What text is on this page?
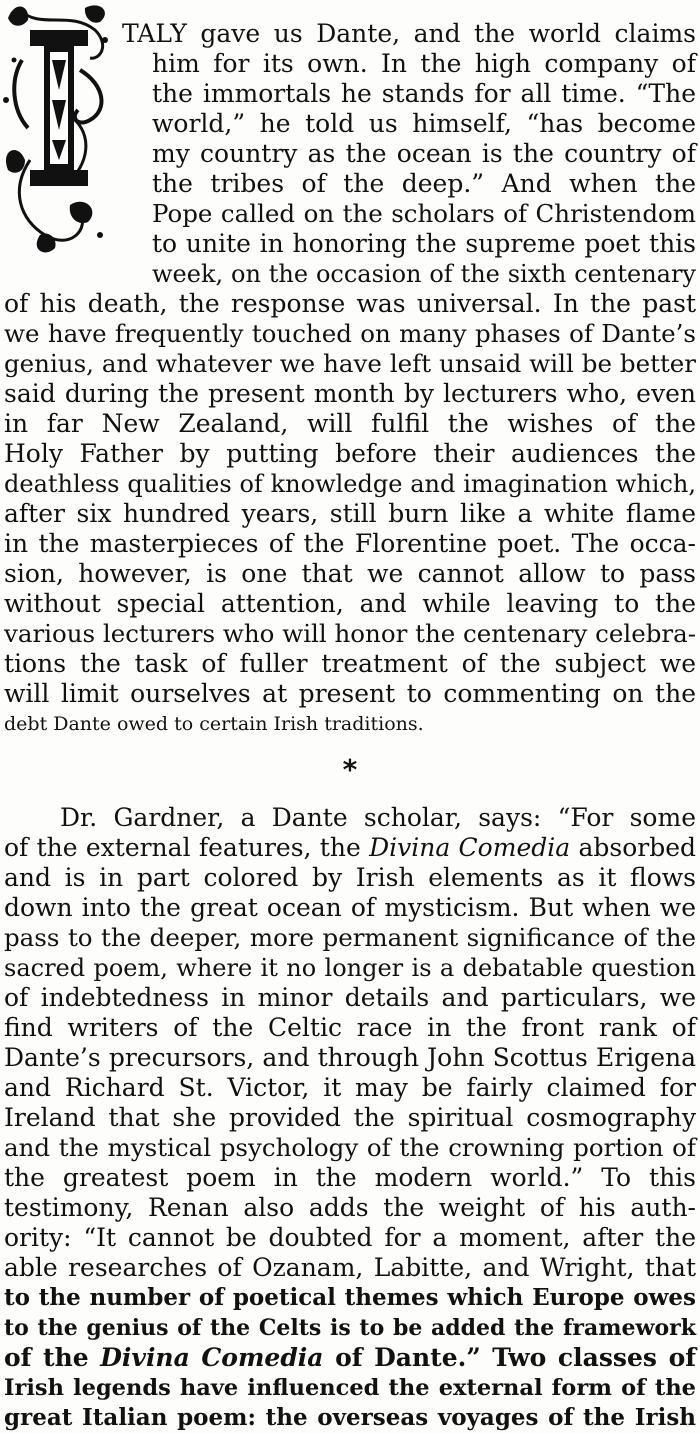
TALY gave us Dante, and the world claims
him for its own. In the high company of
the immortals he stands for all time. “The
world,” he told us himself, “has become
my country as the ocean is the country of
the tribes of the deep.” And when the
Pope called on the scholars of Christendom
to unite in honoring the supreme poet this
week, on the occasion of the sixth centenary
of his death, the response was universal. In the past
we have frequently touched on many phases of Dante’s
genius, and whatever we have left unsaid will be better
said during the present month by lecturers who, even
in far New Zealand, will fulfil the wishes of the
Holy Father by putting before their audiences the
deathless qualities of knowledge and imagination which,
after six hundred years, still burn like a white flame
in the masterpieces of the Florentine poet. The occa-
sion, however, is one that we cannot allow to pass
without special attention, and while leaving to the
various lecturers who will honor the centenary celebra-
tions the task of fuller treatment of the subject we
will limit ourselves at present to commenting on the
debt Dante owed to certain Irish traditions.
*
Dr. Gardner, a Dante scholar, says: “For some
of the external features, the Divina Comedia absorbed
and is in part colored by Irish elements as it flows
down into the great ocean of mysticism. But when we
pass to the deeper, more permanent significance of the
sacred poem, where it no longer is a debatable question
of indebtedness in minor details and particulars, we
find writers of the Celtic race in the front rank of
Dante’s precursors, and through John Scottus Erigena
and Richard St. Victor, it may be fairly claimed for
Ireland that she provided the spiritual cosmography
and the mystical psychology of the crowning portion of
the greatest poem in the modern world.” To this
testimony, Renan also adds the weight of his auth-
ority: “It cannot be doubted for a moment, after the
able researches of Ozanam, Labitte, and Wright, that
to the number of poetical themes which Europe owes
to the genius of the Celts is to be added the framework
of the Divina Comedia of Dante.” Two classes of
Irish legends have influenced the external form of the
great Italian poem: the overseas voyages of the Irish
